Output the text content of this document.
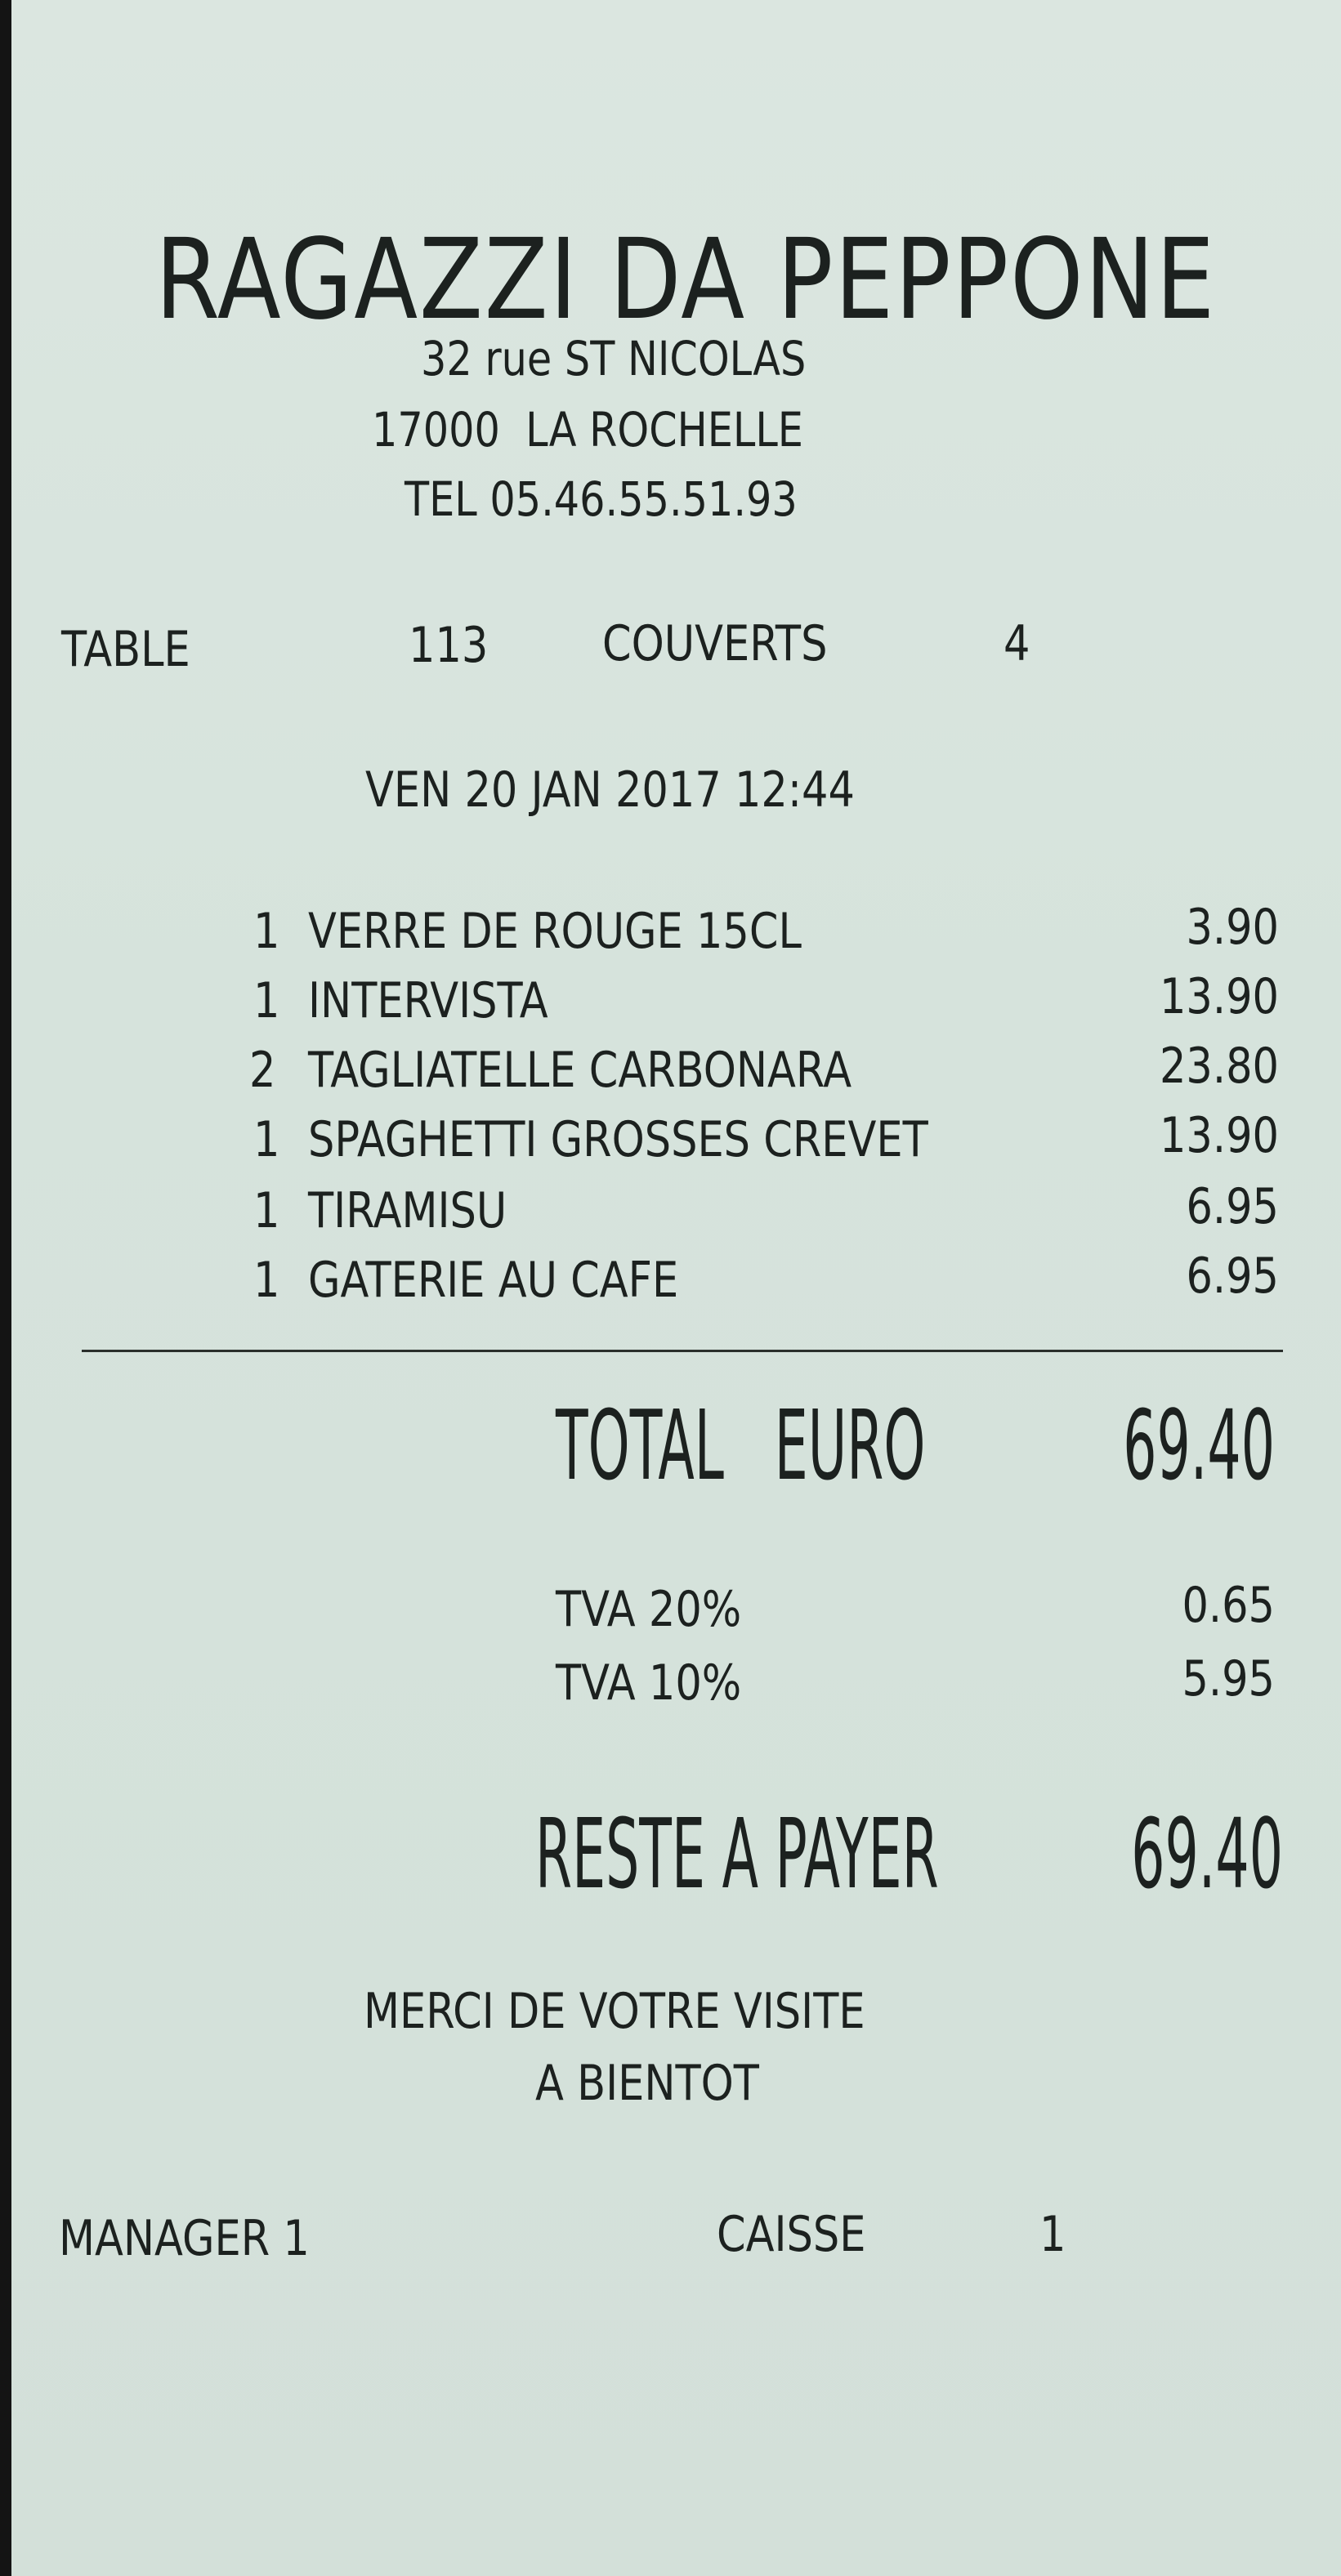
RAGAZZI DA PEPPONE
32 rue ST NICOLAS
17000  LA ROCHELLE
TEL 05.46.55.51.93
TABLE	113 COUVERTS	4
VEN 20 JAN 2017 12:44
1 VERRE DE ROUGE 15CL	3.90
1 INTERVISTA	13.90
2 TAGLIATELLE CARBONARA	23.80
1 SPAGHETTI GROSSES CREVET	13.90
1 TIRAMISU	6.95
1 GATERIE AU CAFE	6.95
TOTAL   EURO	69.40
TVA 20%	0.65
TVA 10%	5.95
RESTE A PAYER	69.40
MERCI DE VOTRE VISITE
A BIENTOT
MANAGER 1	CAISSE	1
